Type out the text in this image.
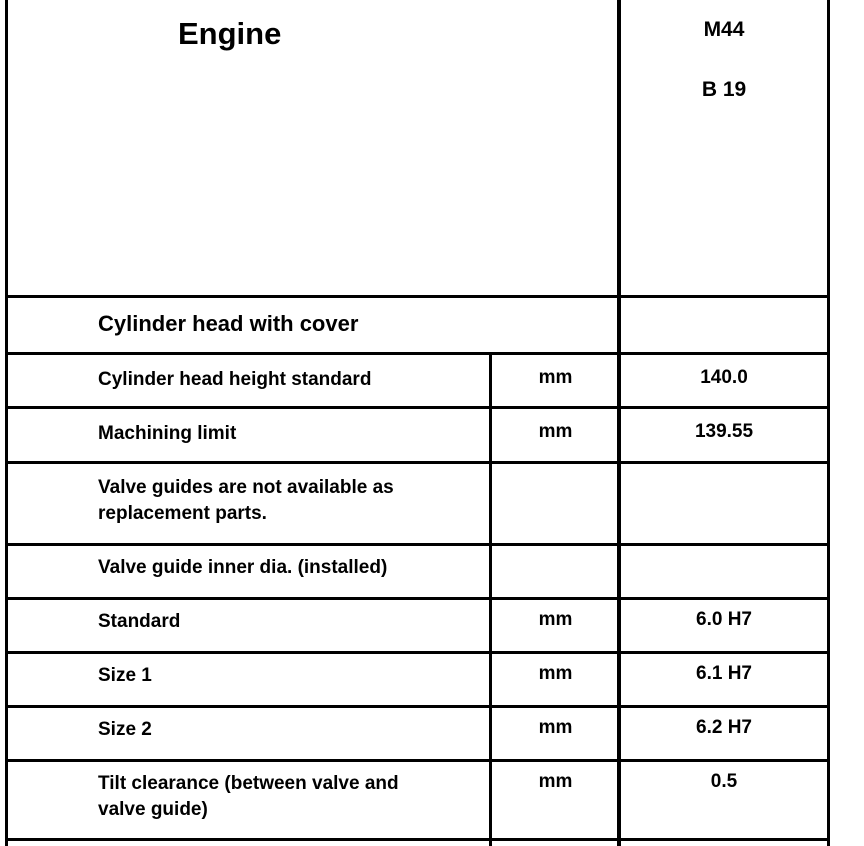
Engine	M44
B 19
Cylinder head with cover
Cylinder head height standard	mm	140.0
Machining limit	mm	139.55
Valve guides are not available as
replacement parts.
Valve guide inner dia. (installed)
Standard	mm	6.0 H7
Size 1	mm	6.1 H7
Size 2	mm	6.2 H7
Tilt clearance (between valve and
valve guide)
mm	0.5
